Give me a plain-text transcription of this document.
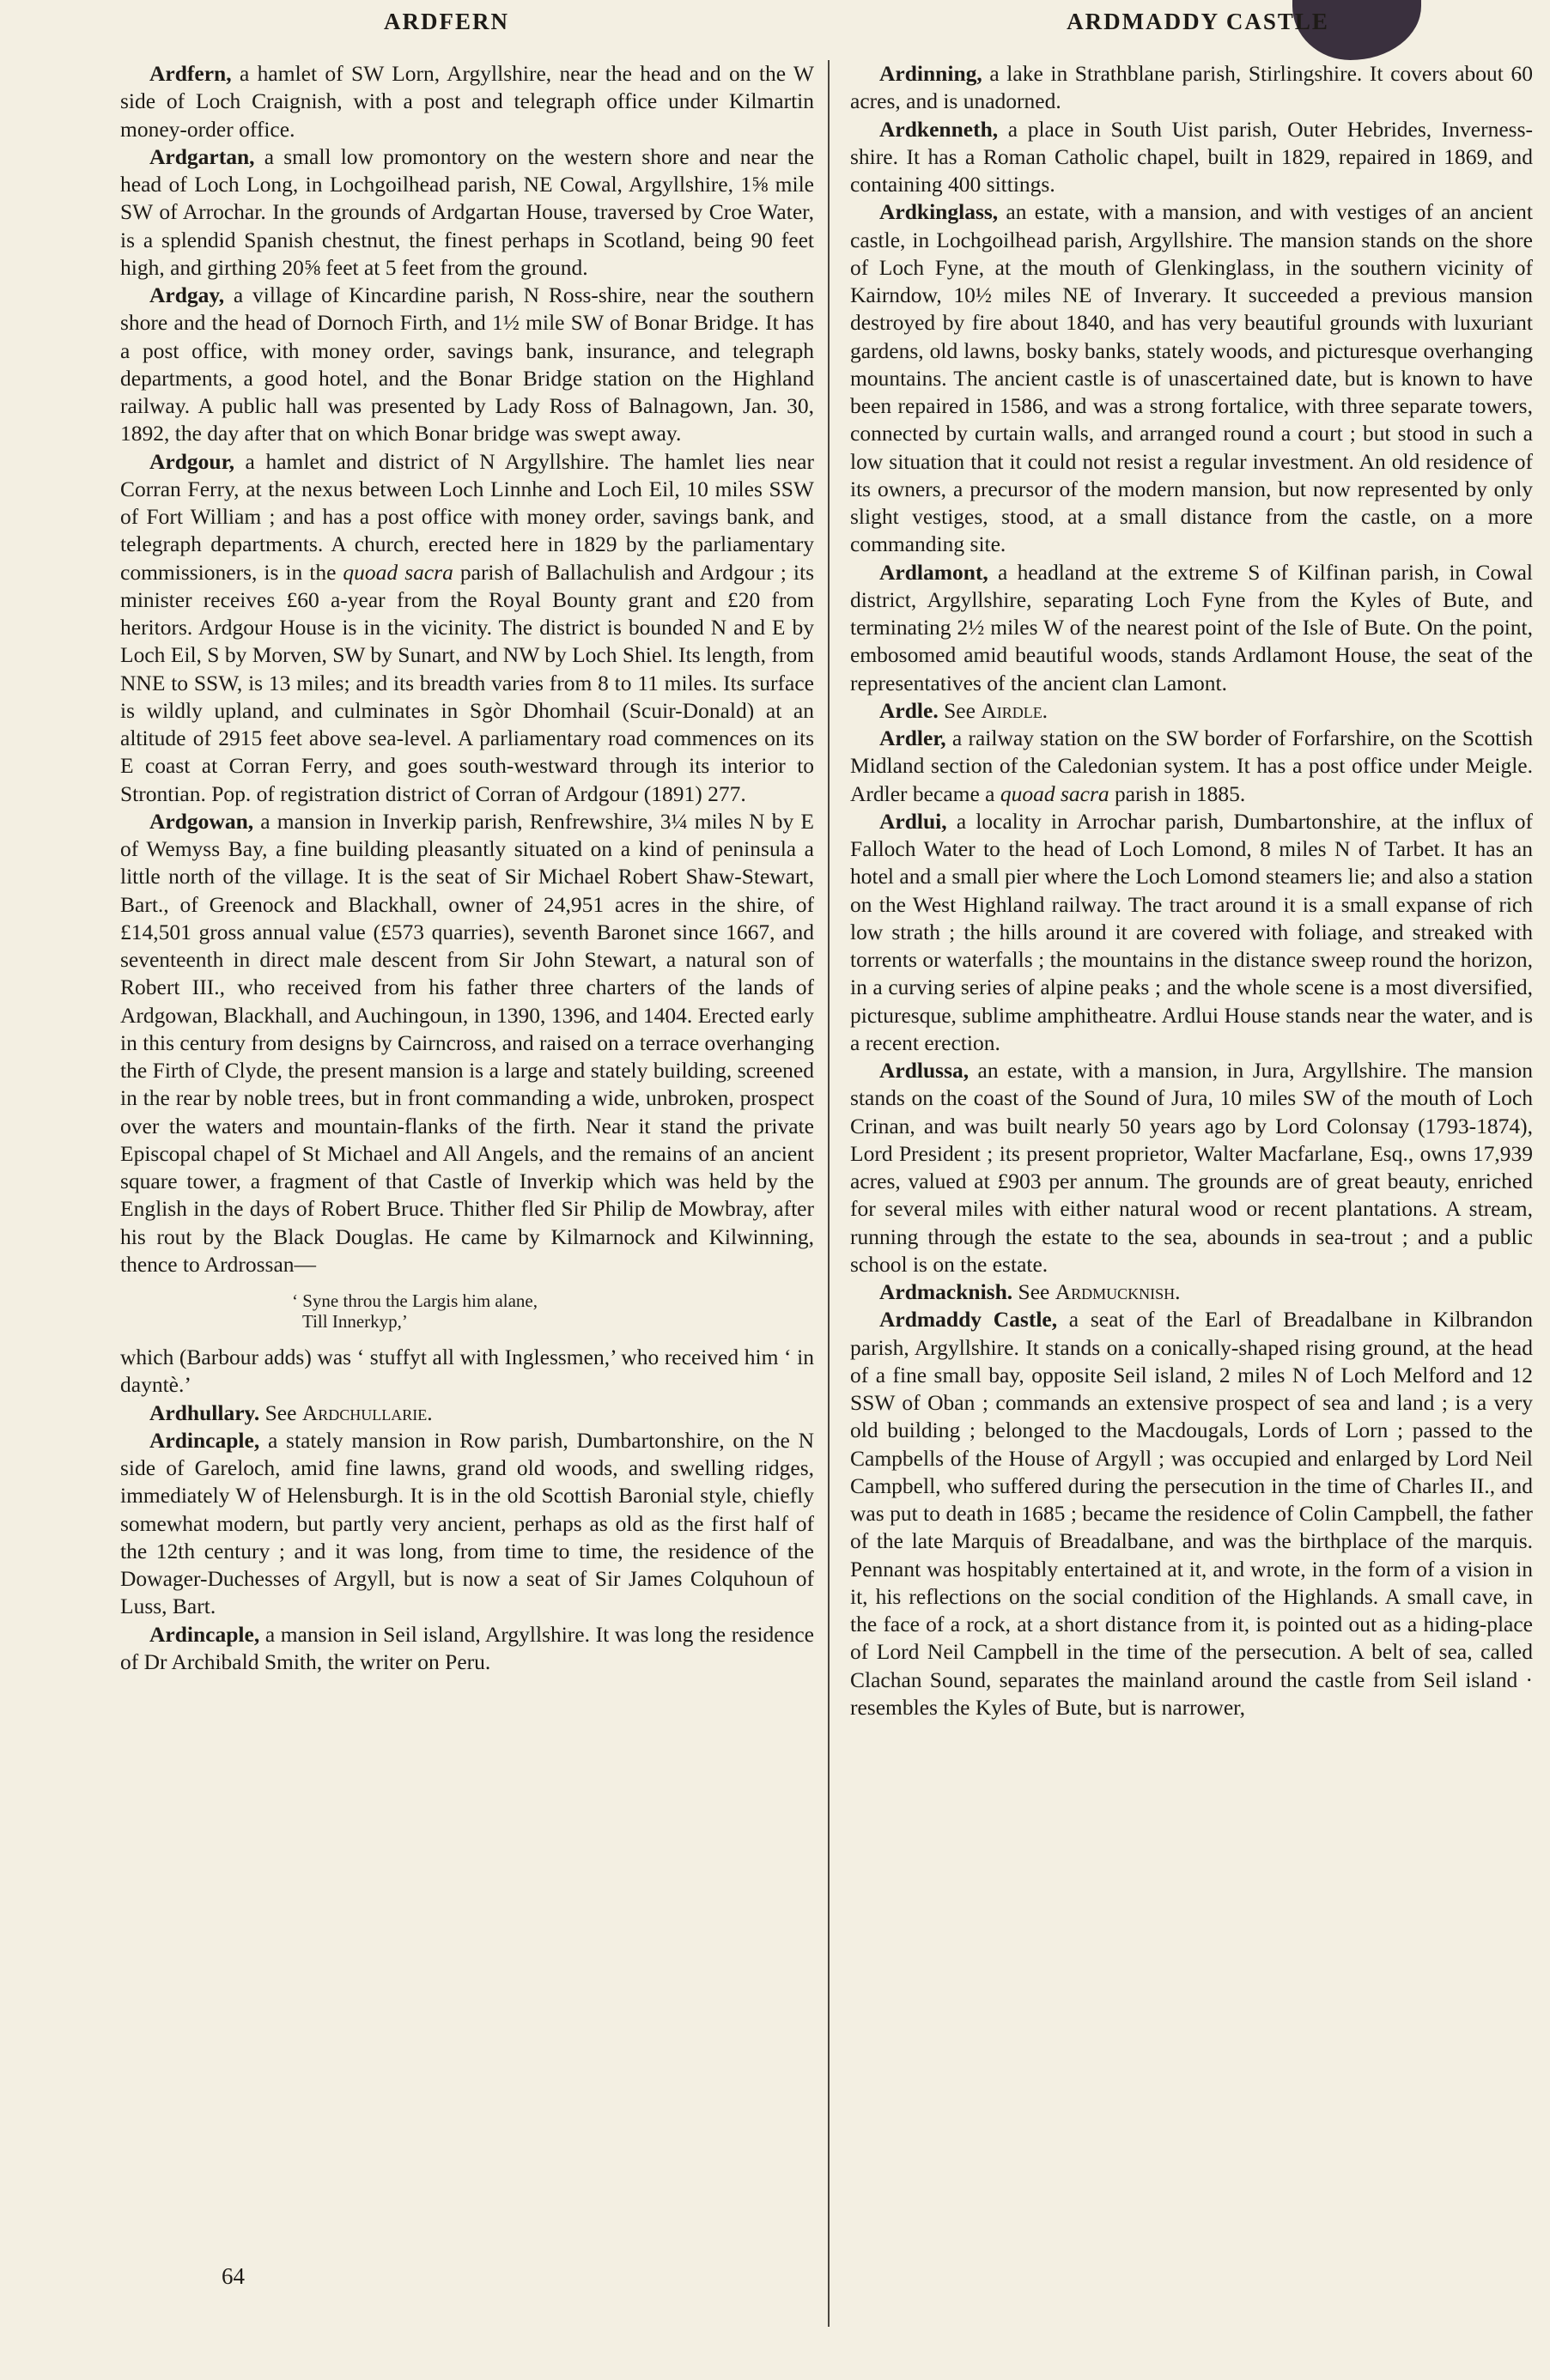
ARDFERN	ARDMADDY CASTLE

Ardfern, a hamlet of SW Lorn, Argyllshire, near the head and on the W side of Loch Craignish, with a post and telegraph office under Kilmartin money-order office.

Ardgartan, a small low promontory on the western shore and near the head of Loch Long, in Lochgoilhead parish, NE Cowal, Argyllshire, 1⅝ mile SW of Arrochar. In the grounds of Ardgartan House, traversed by Croe Water, is a splendid Spanish chestnut, the finest perhaps in Scotland, being 90 feet high, and girthing 20⅝ feet at 5 feet from the ground.

Ardgay, a village of Kincardine parish, N Ross-shire, near the southern shore and the head of Dornoch Firth, and 1½ mile SW of Bonar Bridge. It has a post office, with money order, savings bank, insurance, and telegraph departments, a good hotel, and the Bonar Bridge station on the Highland railway. A public hall was presented by Lady Ross of Balnagown, Jan. 30, 1892, the day after that on which Bonar bridge was swept away.

Ardgour, a hamlet and district of N Argyllshire. The hamlet lies near Corran Ferry, at the nexus between Loch Linnhe and Loch Eil, 10 miles SSW of Fort William ; and has a post office with money order, savings bank, and telegraph departments. A church, erected here in 1829 by the parliamentary commissioners, is in the quoad sacra parish of Ballachulish and Ardgour ; its minister receives £60 a-year from the Royal Bounty grant and £20 from heritors. Ardgour House is in the vicinity. The district is bounded N and E by Loch Eil, S by Morven, SW by Sunart, and NW by Loch Shiel. Its length, from NNE to SSW, is 13 miles; and its breadth varies from 8 to 11 miles. Its surface is wildly upland, and culminates in Sgòr Dhomhail (Scuir-Donald) at an altitude of 2915 feet above sea-level. A parliamentary road commences on its E coast at Corran Ferry, and goes south-westward through its interior to Strontian. Pop. of registration district of Corran of Ardgour (1891) 277.

Ardgowan, a mansion in Inverkip parish, Renfrewshire, 3¼ miles N by E of Wemyss Bay, a fine building pleasantly situated on a kind of peninsula a little north of the village. It is the seat of Sir Michael Robert Shaw-Stewart, Bart., of Greenock and Blackhall, owner of 24,951 acres in the shire, of £14,501 gross annual value (£573 quarries), seventh Baronet since 1667, and seventeenth in direct male descent from Sir John Stewart, a natural son of Robert III., who received from his father three charters of the lands of Ardgowan, Blackhall, and Auchingoun, in 1390, 1396, and 1404. Erected early in this century from designs by Cairncross, and raised on a terrace overhanging the Firth of Clyde, the present mansion is a large and stately building, screened in the rear by noble trees, but in front commanding a wide, unbroken, prospect over the waters and mountain-flanks of the firth. Near it stand the private Episcopal chapel of St Michael and All Angels, and the remains of an ancient square tower, a fragment of that Castle of Inverkip which was held by the English in the days of Robert Bruce. Thither fled Sir Philip de Mowbray, after his rout by the Black Douglas. He came by Kilmarnock and Kilwinning, thence to Ardrossan—

‘ Syne throu the Largis him alane,
Till Innerkyp,’

which (Barbour adds) was ‘ stuffyt all with Inglessmen,’ who received him ‘ in dayntè.’

Ardhullary. See Ardchullarie.

Ardincaple, a stately mansion in Row parish, Dumbartonshire, on the N side of Gareloch, amid fine lawns, grand old woods, and swelling ridges, immediately W of Helensburgh. It is in the old Scottish Baronial style, chiefly somewhat modern, but partly very ancient, perhaps as old as the first half of the 12th century ; and it was long, from time to time, the residence of the Dowager-Duchesses of Argyll, but is now a seat of Sir James Colquhoun of Luss, Bart.

Ardincaple, a mansion in Seil island, Argyllshire. It was long the residence of Dr Archibald Smith, the writer on Peru.

Ardinning, a lake in Strathblane parish, Stirlingshire. It covers about 60 acres, and is unadorned.

Ardkenneth, a place in South Uist parish, Outer Hebrides, Inverness-shire. It has a Roman Catholic chapel, built in 1829, repaired in 1869, and containing 400 sittings.

Ardkinglass, an estate, with a mansion, and with vestiges of an ancient castle, in Lochgoilhead parish, Argyllshire. The mansion stands on the shore of Loch Fyne, at the mouth of Glenkinglass, in the southern vicinity of Kairndow, 10½ miles NE of Inverary. It succeeded a previous mansion destroyed by fire about 1840, and has very beautiful grounds with luxuriant gardens, old lawns, bosky banks, stately woods, and picturesque overhanging mountains. The ancient castle is of unascertained date, but is known to have been repaired in 1586, and was a strong fortalice, with three separate towers, connected by curtain walls, and arranged round a court ; but stood in such a low situation that it could not resist a regular investment. An old residence of its owners, a precursor of the modern mansion, but now represented by only slight vestiges, stood, at a small distance from the castle, on a more commanding site.

Ardlamont, a headland at the extreme S of Kilfinan parish, in Cowal district, Argyllshire, separating Loch Fyne from the Kyles of Bute, and terminating 2½ miles W of the nearest point of the Isle of Bute. On the point, embosomed amid beautiful woods, stands Ardlamont House, the seat of the representatives of the ancient clan Lamont.

Ardle. See Airdle.

Ardler, a railway station on the SW border of Forfarshire, on the Scottish Midland section of the Caledonian system. It has a post office under Meigle. Ardler became a quoad sacra parish in 1885.

Ardlui, a locality in Arrochar parish, Dumbartonshire, at the influx of Falloch Water to the head of Loch Lomond, 8 miles N of Tarbet. It has an hotel and a small pier where the Loch Lomond steamers lie; and also a station on the West Highland railway. The tract around it is a small expanse of rich low strath ; the hills around it are covered with foliage, and streaked with torrents or waterfalls ; the mountains in the distance sweep round the horizon, in a curving series of alpine peaks ; and the whole scene is a most diversified, picturesque, sublime amphitheatre. Ardlui House stands near the water, and is a recent erection.

Ardlussa, an estate, with a mansion, in Jura, Argyllshire. The mansion stands on the coast of the Sound of Jura, 10 miles SW of the mouth of Loch Crinan, and was built nearly 50 years ago by Lord Colonsay (1793-1874), Lord President ; its present proprietor, Walter Macfarlane, Esq., owns 17,939 acres, valued at £903 per annum. The grounds are of great beauty, enriched for several miles with either natural wood or recent plantations. A stream, running through the estate to the sea, abounds in sea-trout ; and a public school is on the estate.

Ardmacknish. See Ardmucknish.

Ardmaddy Castle, a seat of the Earl of Breadalbane in Kilbrandon parish, Argyllshire. It stands on a conically-shaped rising ground, at the head of a fine small bay, opposite Seil island, 2 miles N of Loch Melford and 12 SSW of Oban ; commands an extensive prospect of sea and land ; is a very old building ; belonged to the Macdougals, Lords of Lorn ; passed to the Campbells of the House of Argyll ; was occupied and enlarged by Lord Neil Campbell, who suffered during the persecution in the time of Charles II., and was put to death in 1685 ; became the residence of Colin Campbell, the father of the late Marquis of Breadalbane, and was the birthplace of the marquis. Pennant was hospitably entertained at it, and wrote, in the form of a vision in it, his reflections on the social condition of the Highlands. A small cave, in the face of a rock, at a short distance from it, is pointed out as a hiding-place of Lord Neil Campbell in the time of the persecution. A belt of sea, called Clachan Sound, separates the mainland around the castle from Seil island · resembles the Kyles of Bute, but is narrower,

64
